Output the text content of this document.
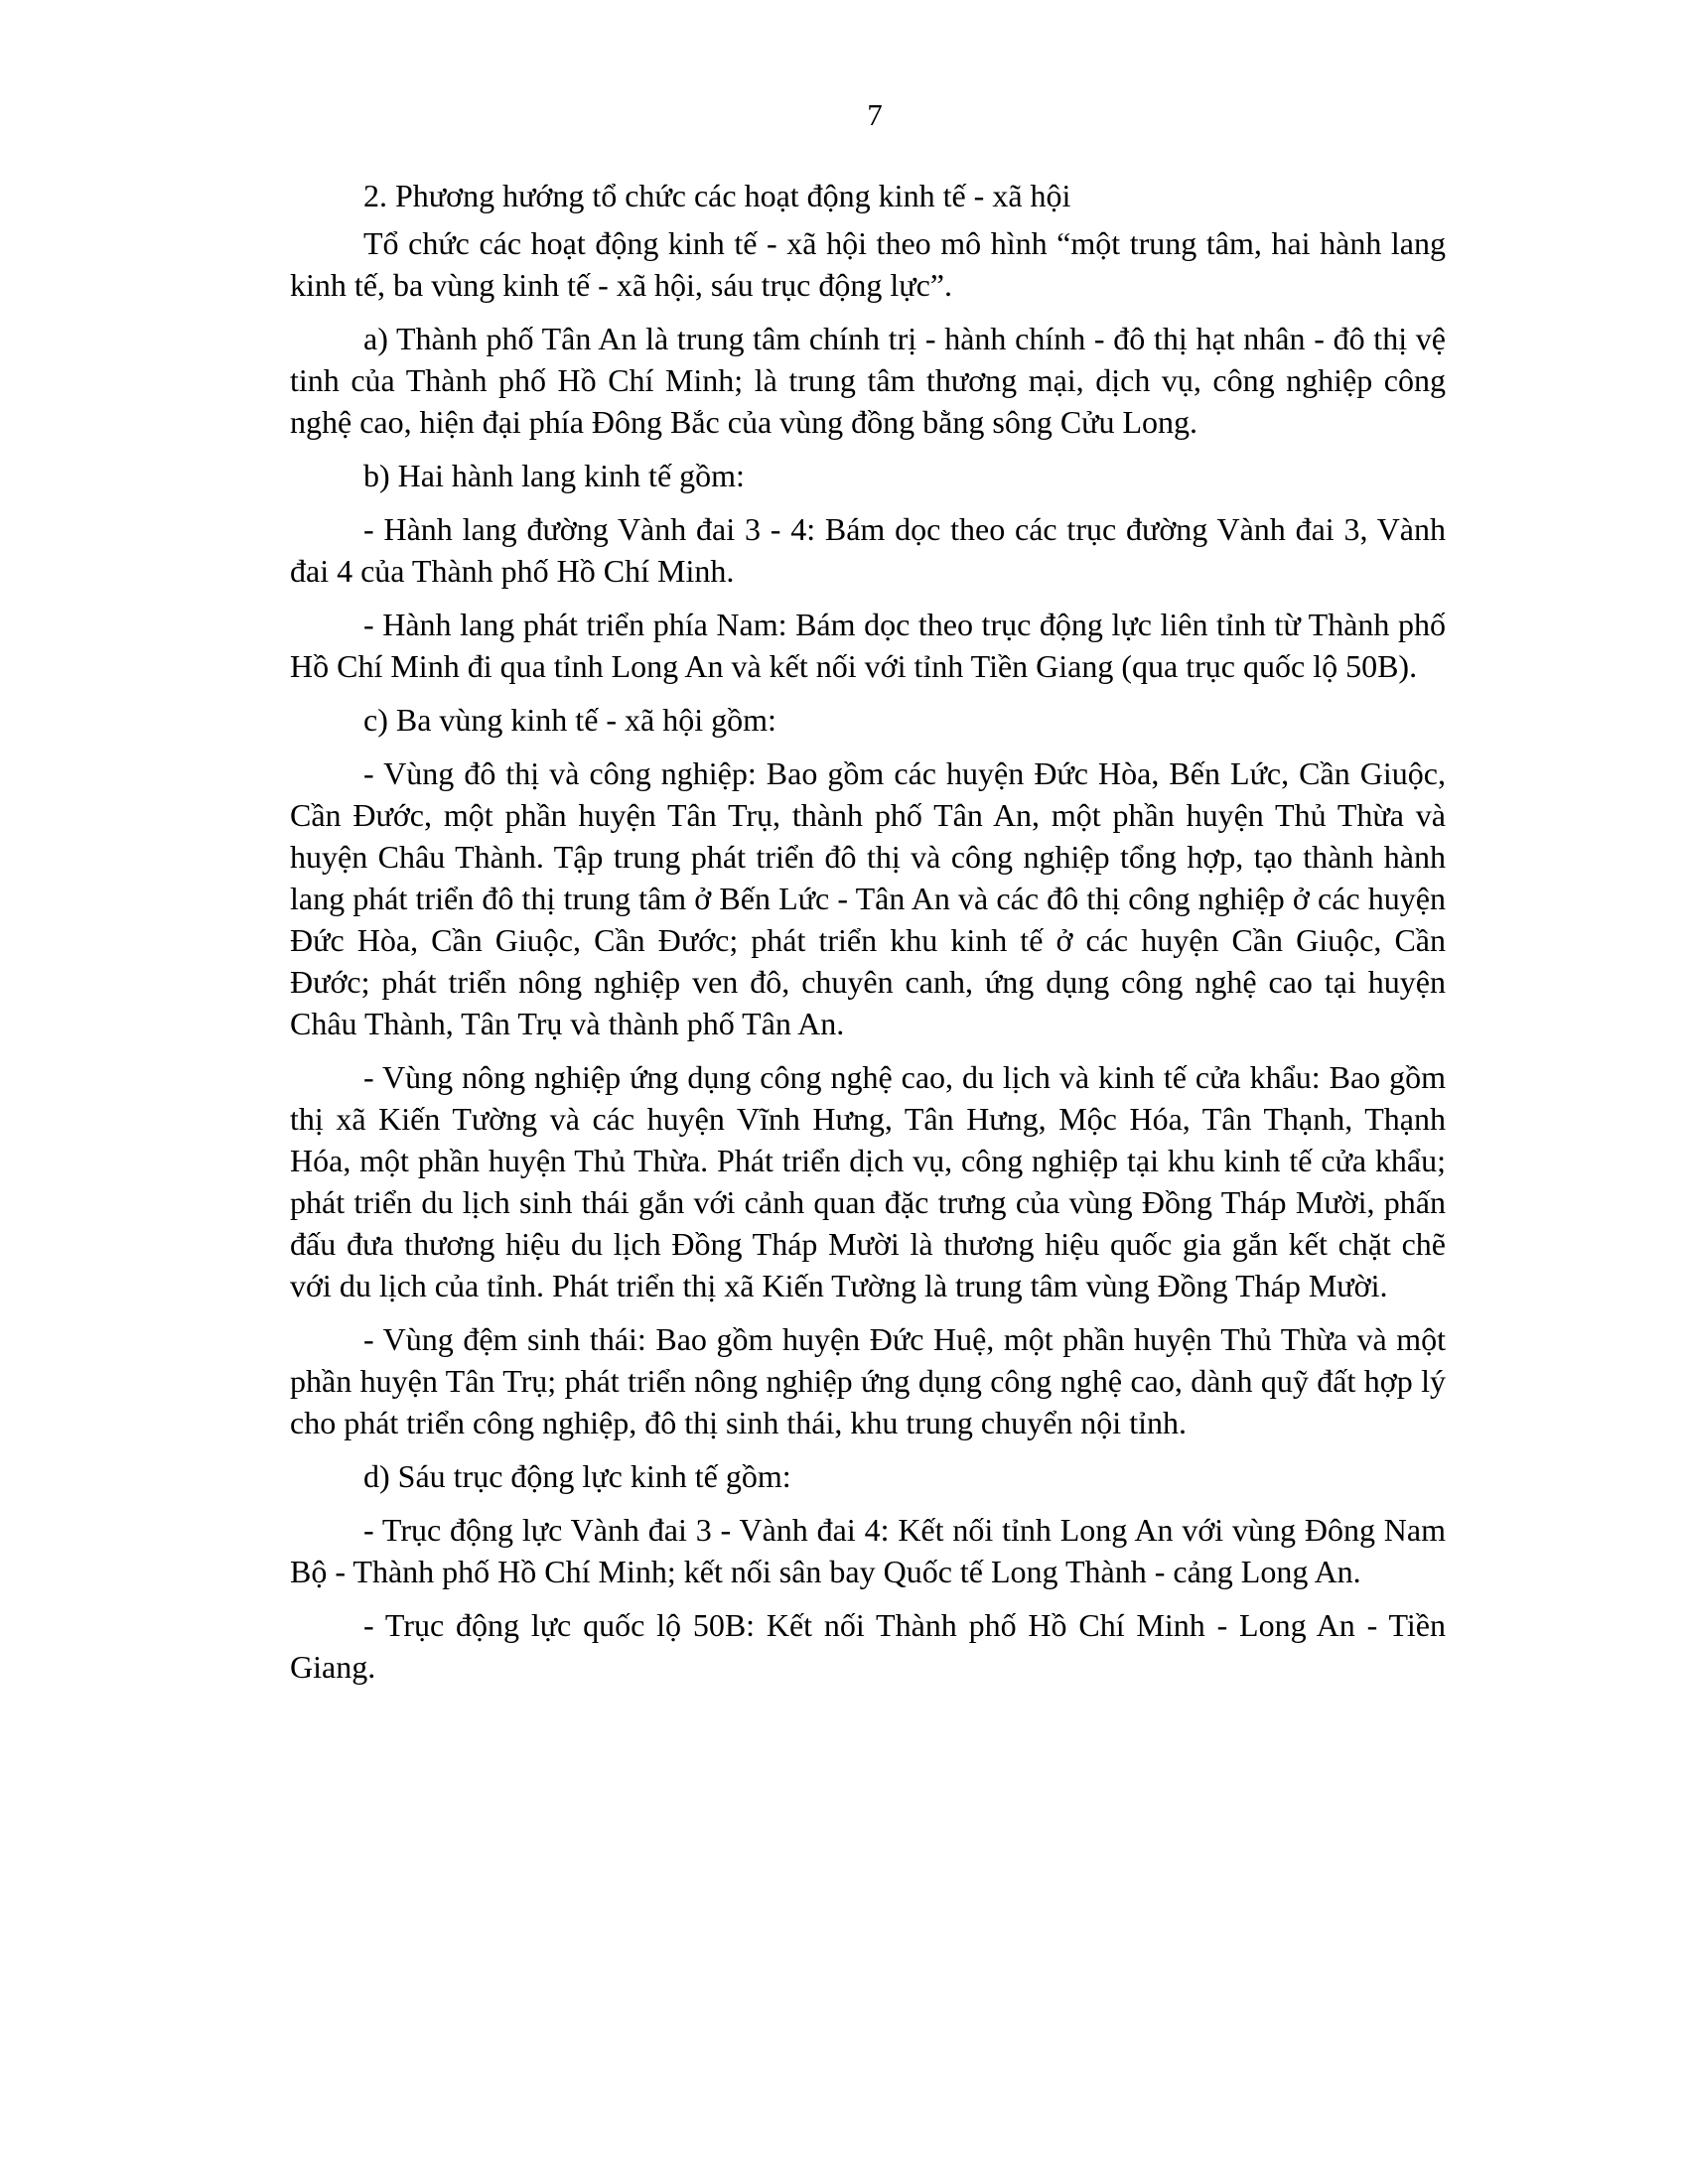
7

2. Phương hướng tổ chức các hoạt động kinh tế - xã hội

Tổ chức các hoạt động kinh tế - xã hội theo mô hình “một trung tâm, hai hành lang kinh tế, ba vùng kinh tế - xã hội, sáu trục động lực”.

a) Thành phố Tân An là trung tâm chính trị - hành chính - đô thị hạt nhân - đô thị vệ tinh của Thành phố Hồ Chí Minh; là trung tâm thương mại, dịch vụ, công nghiệp công nghệ cao, hiện đại phía Đông Bắc của vùng đồng bằng sông Cửu Long.

b) Hai hành lang kinh tế gồm:

- Hành lang đường Vành đai 3 - 4: Bám dọc theo các trục đường Vành đai 3, Vành đai 4 của Thành phố Hồ Chí Minh.

- Hành lang phát triển phía Nam: Bám dọc theo trục động lực liên tỉnh từ Thành phố Hồ Chí Minh đi qua tỉnh Long An và kết nối với tỉnh Tiền Giang (qua trục quốc lộ 50B).

c) Ba vùng kinh tế - xã hội gồm:

- Vùng đô thị và công nghiệp: Bao gồm các huyện Đức Hòa, Bến Lức, Cần Giuộc, Cần Đước, một phần huyện Tân Trụ, thành phố Tân An, một phần huyện Thủ Thừa và huyện Châu Thành. Tập trung phát triển đô thị và công nghiệp tổng hợp, tạo thành hành lang phát triển đô thị trung tâm ở Bến Lức - Tân An và các đô thị công nghiệp ở các huyện Đức Hòa, Cần Giuộc, Cần Đước; phát triển khu kinh tế ở các huyện Cần Giuộc, Cần Đước; phát triển nông nghiệp ven đô, chuyên canh, ứng dụng công nghệ cao tại huyện Châu Thành, Tân Trụ và thành phố Tân An.

- Vùng nông nghiệp ứng dụng công nghệ cao, du lịch và kinh tế cửa khẩu: Bao gồm thị xã Kiến Tường và các huyện Vĩnh Hưng, Tân Hưng, Mộc Hóa, Tân Thạnh, Thạnh Hóa, một phần huyện Thủ Thừa. Phát triển dịch vụ, công nghiệp tại khu kinh tế cửa khẩu; phát triển du lịch sinh thái gắn với cảnh quan đặc trưng của vùng Đồng Tháp Mười, phấn đấu đưa thương hiệu du lịch Đồng Tháp Mười là thương hiệu quốc gia gắn kết chặt chẽ với du lịch của tỉnh. Phát triển thị xã Kiến Tường là trung tâm vùng Đồng Tháp Mười.

- Vùng đệm sinh thái: Bao gồm huyện Đức Huệ, một phần huyện Thủ Thừa và một phần huyện Tân Trụ; phát triển nông nghiệp ứng dụng công nghệ cao, dành quỹ đất hợp lý cho phát triển công nghiệp, đô thị sinh thái, khu trung chuyển nội tỉnh.

d) Sáu trục động lực kinh tế gồm:

- Trục động lực Vành đai 3 - Vành đai 4: Kết nối tỉnh Long An với vùng Đông Nam Bộ - Thành phố Hồ Chí Minh; kết nối sân bay Quốc tế Long Thành - cảng Long An.

- Trục động lực quốc lộ 50B: Kết nối Thành phố Hồ Chí Minh - Long An - Tiền Giang.
